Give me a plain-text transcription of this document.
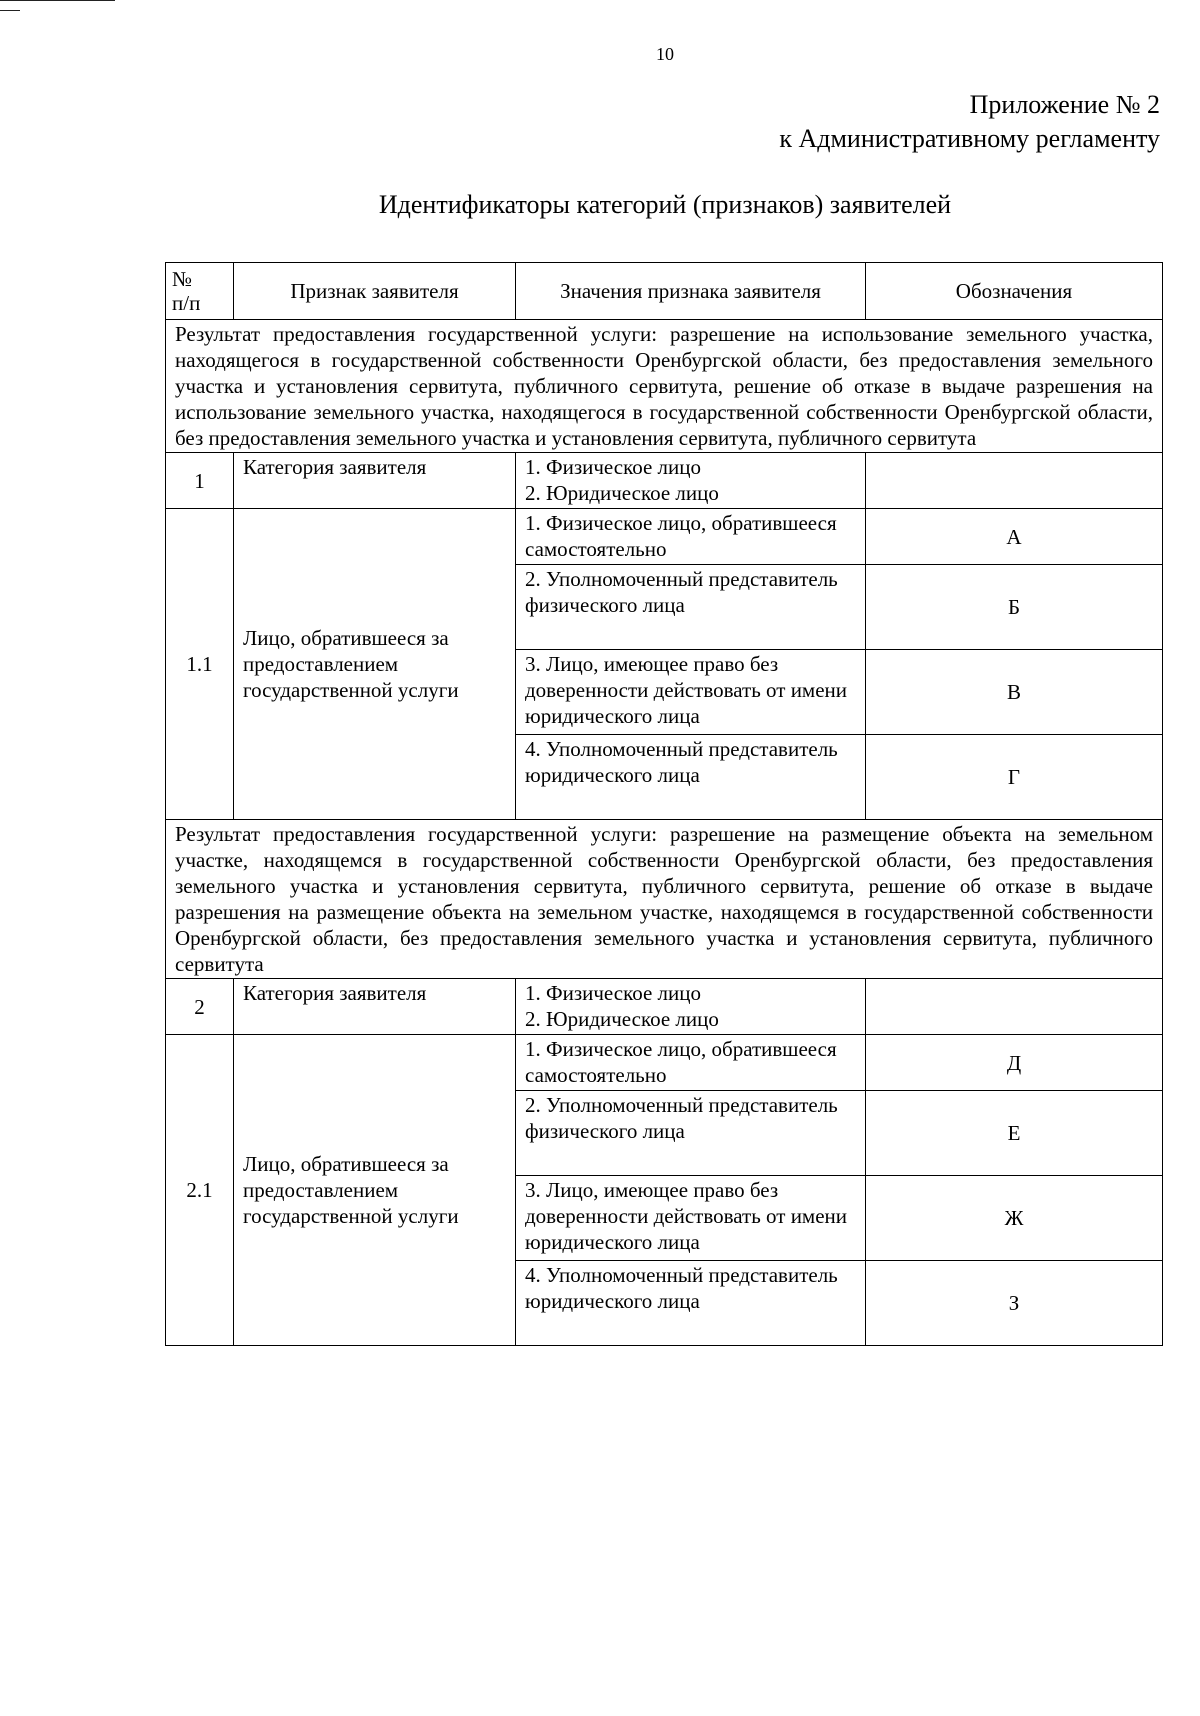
10
Приложение № 2
к Административному регламенту
Идентификаторы категорий (признаков) заявителей
№
п/п	Признак заявителя	Значения признака заявителя	Обозначения
Результат предоставления государственной услуги: разрешение на использование земельного участка, находящегося в государственной собственности Оренбургской области, без предоставления земельного участка и установления сервитута, публичного сервитута, решение об отказе в выдаче разрешения на использование земельного участка, находящегося в государственной собственности Оренбургской области, без предоставления земельного участка и установления сервитута, публичного сервитута			
1	Категория заявителя	1. Физическое лицо
2. Юридическое лицо	

1.1	Лицо, обратившееся за предоставлением государственной услуги	1. Физическое лицо, обратившееся самостоятельно	А
		2. Уполномоченный представитель физического лица	Б
		3. Лицо, имеющее право без доверенности действовать от имени юридического лица	В
		4. Уполномоченный представитель юридического лица	Г
Результат предоставления государственной услуги: разрешение на размещение объекта на земельном участке, находящемся в государственной собственности Оренбургской области, без предоставления земельного участка и установления сервитута, публичного сервитута, решение об отказе в выдаче разрешения на размещение объекта на земельном участке, находящемся в государственной собственности Оренбургской области, без предоставления земельного участка и установления сервитута, публичного сервитута			
2	Категория заявителя	1. Физическое лицо
2. Юридическое лицо	

2.1	Лицо, обратившееся за предоставлением государственной услуги	1. Физическое лицо, обратившееся самостоятельно	Д
		2. Уполномоченный представитель физического лица	Е
		3. Лицо, имеющее право без доверенности действовать от имени юридического лица	Ж
		4. Уполномоченный представитель юридического лица	З
